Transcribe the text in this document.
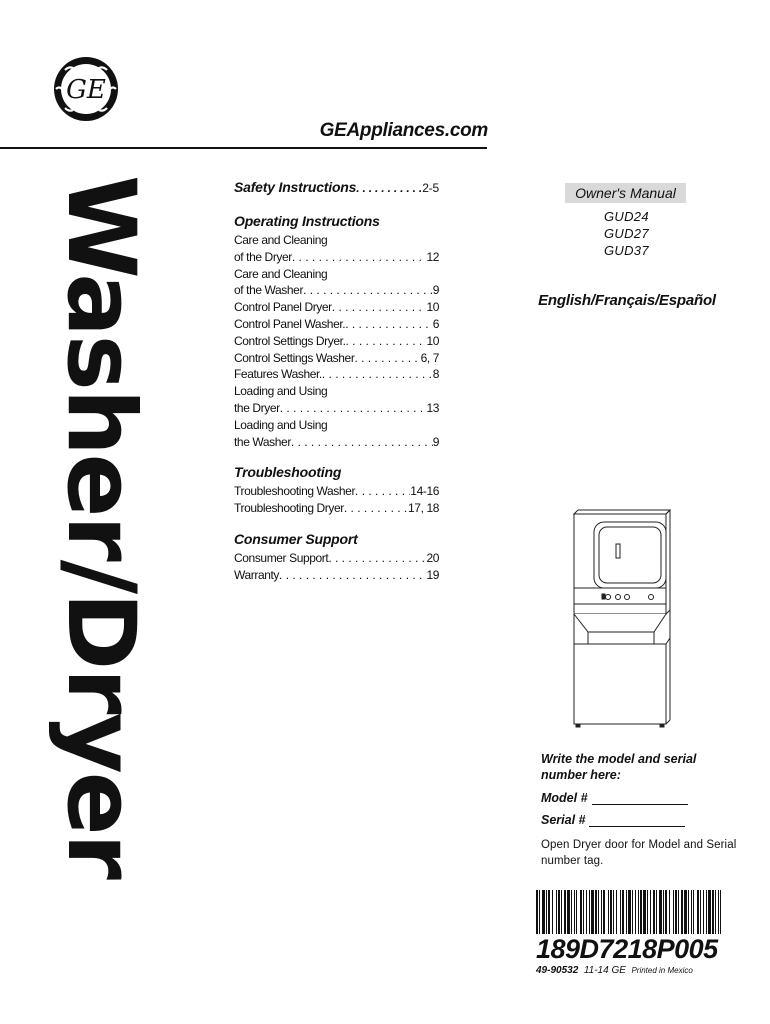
GE
GEAppliances.com
Washer/Dryer	Safety Instructions . . .	2-5
Operating Instructions
Care and Cleaning
of the Dryer . . .	12
Care and Cleaning
of the Washer . . .	9
Control Panel Dryer . . .	10
Control Panel Washer. . . .	6
Control Settings Dryer. . . .	10
Control Settings Washer . . .	6, 7
Features Washer. . . .	8
Loading and Using
the Dryer . . .	13
Loading and Using
the Washer . . .	9
Troubleshooting
Troubleshooting Washer . . .	14-16
Troubleshooting Dryer . . .	17, 18
Consumer Support
Consumer Support . . .	20
Warranty . . .	19
Owner's Manual
GUD24
GUD27
GUD37
English/Français/Español
Write the model and serial number here:
Model #
Serial #
Open Dryer door for Model and Serial number tag.
189D7218P005
49-90532 11-14 GE Printed in Mexico
